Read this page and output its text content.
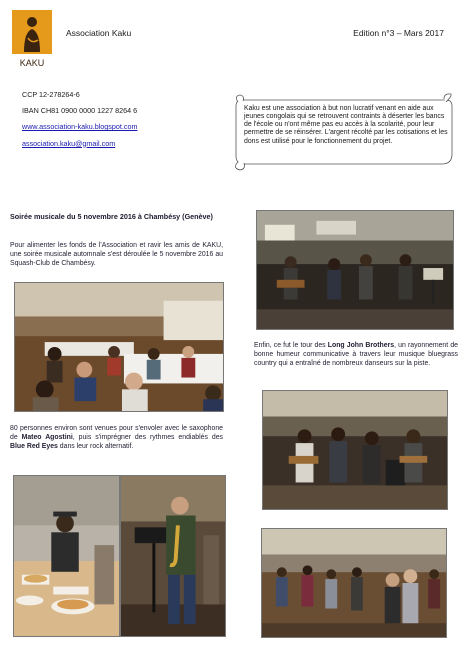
KAKU
Association Kaku	Edition n°3 – Mars 2017
CCP 12-278264-6
IBAN CH81 0900 0000 1227 8264 6
www.association-kaku.blogspot.com
association.kaku@gmail.com
Kaku est une association à but non lucratif venant en aide aux jeunes congolais qui se retrouvent contraints à déserter les bancs de l'école ou n'ont même pas eu accès à la scolarité, pour leur permettre de se réinsérer. L'argent récolté par les cotisations et les dons est utilisé pour le fonctionnement du projet.
Soirée musicale du 5 novembre 2016 à Chambésy (Genève)
Pour alimenter les fonds de l'Association et ravir les amis de KAKU, une soirée musicale automnale s'est déroulée le 5 novembre 2016 au Squash-Club de Chambésy.
80 personnes environ sont venues pour s'envoler avec le saxophone de Mateo Agostini, puis s'imprégner des rythmes endiablés des Blue Red Eyes dans leur rock alternatif.
Enfin, ce fut le tour des Long John Brothers, un rayonnement de bonne humeur communicative à travers leur musique bluegrass country qui a entraîné de nombreux danseurs sur la piste.
